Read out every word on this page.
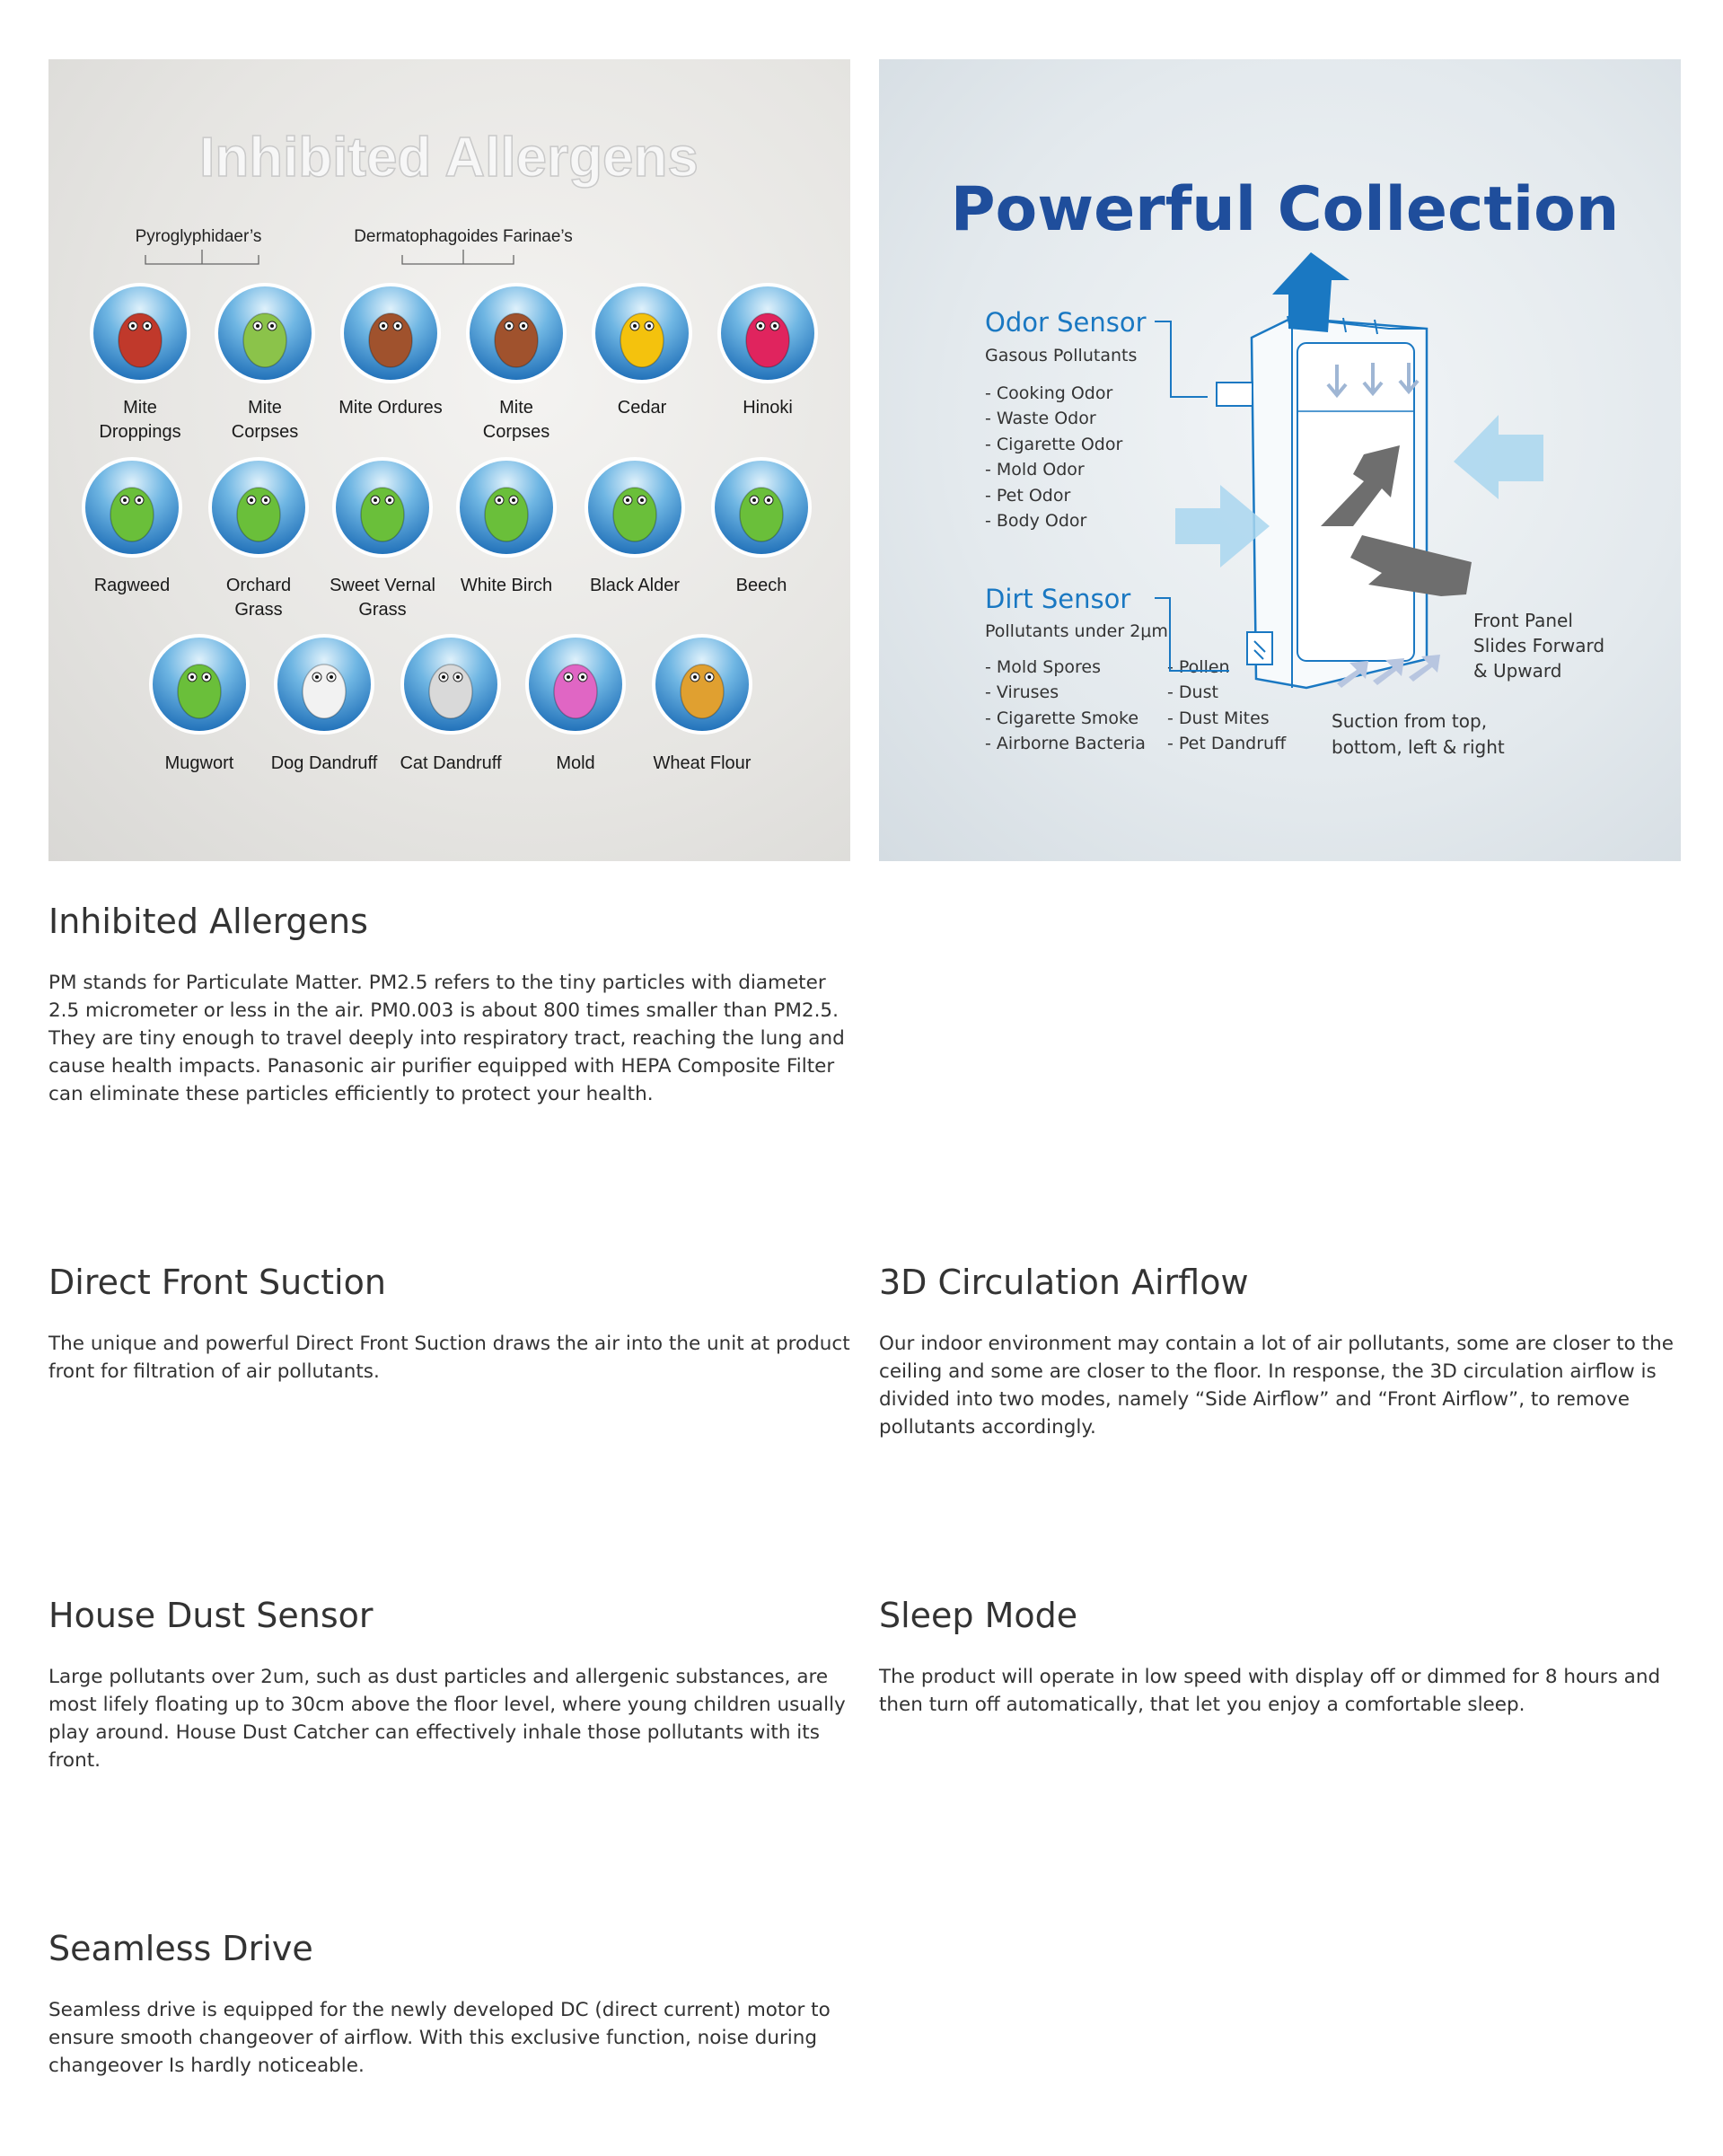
Inhibited Allergens
Pyroglyphidaer’s	Dermatophagoides Farinae’s
Mite
Droppings
Mite
Corpses
Mite Ordures	Mite
Corpses
Cedar	Hinoki
Ragweed	Orchard
Grass
Sweet Vernal
Grass
White Birch Black Alder	Beech
Mugwort Dog Dandruff Cat Dandruff	Mold	Wheat Flour
Powerful Collection
Odor Sensor
Gasous Pollutants
- Cooking Odor
- Waste Odor
- Cigarette Odor
- Mold Odor
- Pet Odor
- Body Odor
Dirt Sensor
Pollutants under 2μm
- Mold Spores
- Viruses
- Cigarette Smoke
- Airborne Bacteria
- Pollen
- Dust
- Dust Mites
- Pet Dandruff
Front Panel
Slides Forward
& Upward
Suction from top,
bottom, left & right
Inhibited Allergens

PM stands for Particulate Matter. PM2.5 refers to the tiny particles with diameter 2.5 micrometer or less in the air. PM0.003 is about 800 times smaller than PM2.5. They are tiny enough to travel deeply into respiratory tract, reaching the lung and cause health impacts. Panasonic air purifier equipped with HEPA Composite Filter can eliminate these particles efficiently to protect your health.

Direct Front Suction

The unique and powerful Direct Front Suction draws the air into the unit at product front for filtration of air pollutants.

3D Circulation Airflow

Our indoor environment may contain a lot of air pollutants, some are closer to the ceiling and some are closer to the floor. In response, the 3D circulation airflow is divided into two modes, namely “Side Airflow” and “Front Airflow”, to remove pollutants accordingly.

House Dust Sensor

Large pollutants over 2um, such as dust particles and allergenic substances, are most lifely floating up to 30cm above the floor level, where young children usually play around. House Dust Catcher can effectively inhale those pollutants with its front.

Sleep Mode

The product will operate in low speed with display off or dimmed for 8 hours and then turn off automatically, that let you enjoy a comfortable sleep.

Seamless Drive

Seamless drive is equipped for the newly developed DC (direct current) motor to ensure smooth changeover of airflow. With this exclusive function, noise during changeover Is hardly noticeable.
